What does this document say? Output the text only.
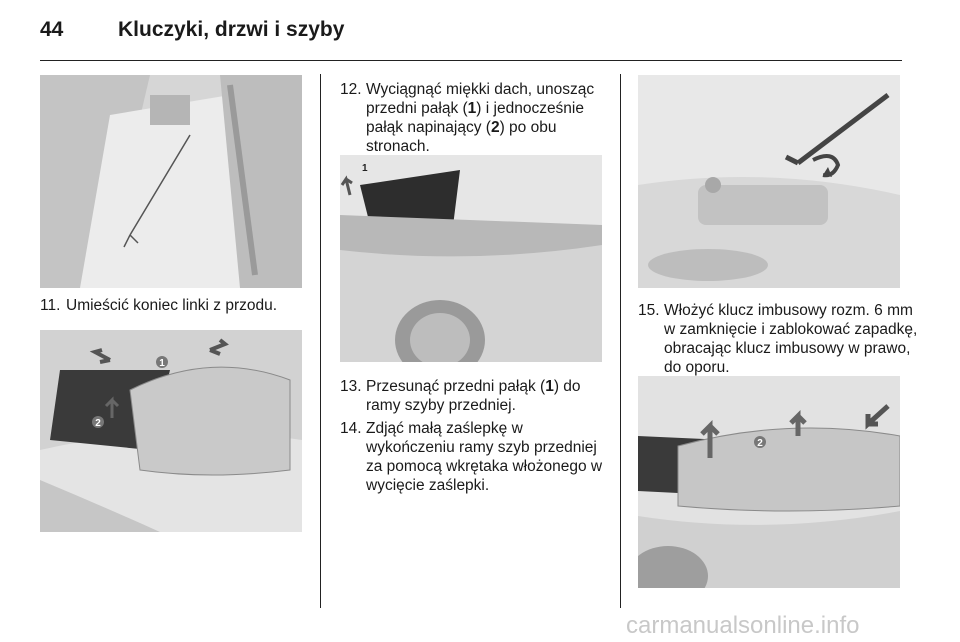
44	Kluczyki, drzwi i szyby
11. Umieścić koniec linki z przodu.
1
2
12. Wyciągnąć miękki dach, unosząc przedni pałąk (1) i jednocześnie pałąk napinający (2) po obu stronach.
1
13. Przesunąć przedni pałąk (1) do ramy szyby przedniej.
14. Zdjąć małą zaślepkę w wykończeniu ramy szyb przedniej za pomocą wkrętaka włożonego w wycięcie zaślepki.
15. Włożyć klucz imbusowy rozm. 6 mm w zamknięcie i zablokować zapadkę, obracając klucz imbusowy w prawo, do oporu.
2
carmanualsonline.info
